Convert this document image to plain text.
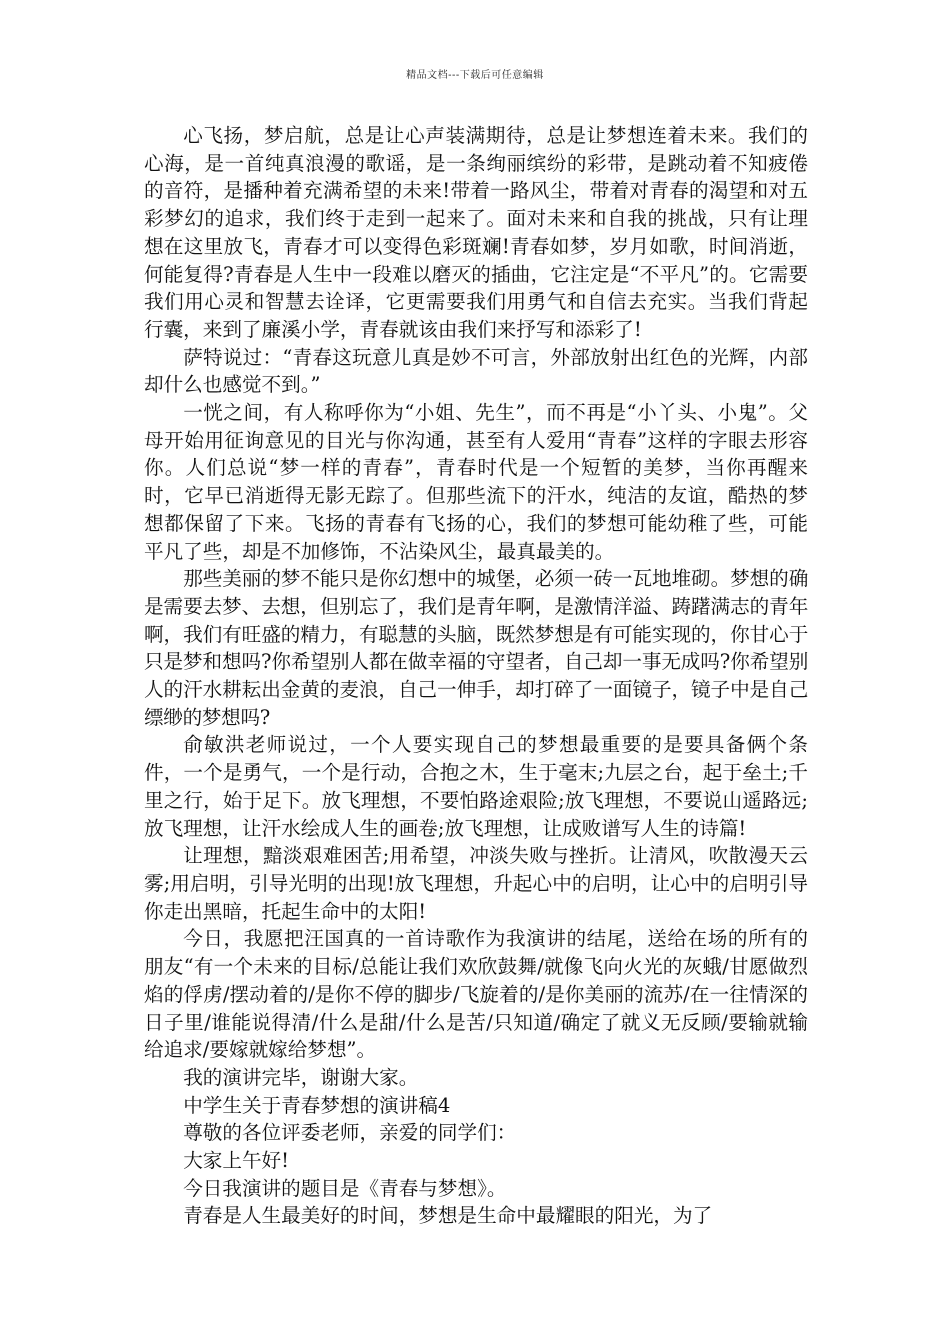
精品文档---下载后可任意编辑

心飞扬，梦启航，总是让心声装满期待，总是让梦想连着未来。我们的心海，是一首纯真浪漫的歌谣，是一条绚丽缤纷的彩带，是跳动着不知疲倦的音符，是播种着充满希望的未来!带着一路风尘，带着对青春的渴望和对五彩梦幻的追求，我们终于走到一起来了。面对未来和自我的挑战，只有让理想在这里放飞，青春才可以变得色彩斑斓!青春如梦，岁月如歌，时间消逝，何能复得?青春是人生中一段难以磨灭的插曲，它注定是“不平凡”的。它需要我们用心灵和智慧去诠译，它更需要我们用勇气和自信去充实。当我们背起行囊，来到了廉溪小学，青春就该由我们来抒写和添彩了!

萨特说过：“青春这玩意儿真是妙不可言，外部放射出红色的光辉，内部却什么也感觉不到。”

一恍之间，有人称呼你为“小姐、先生”，而不再是“小丫头、小鬼”。父母开始用征询意见的目光与你沟通，甚至有人爱用“青春”这样的字眼去形容你。人们总说“梦一样的青春”，青春时代是一个短暂的美梦，当你再醒来时，它早已消逝得无影无踪了。但那些流下的汗水，纯洁的友谊，酷热的梦想都保留了下来。飞扬的青春有飞扬的心，我们的梦想可能幼稚了些，可能平凡了些，却是不加修饰，不沾染风尘，最真最美的。

那些美丽的梦不能只是你幻想中的城堡，必须一砖一瓦地堆砌。梦想的确是需要去梦、去想，但别忘了，我们是青年啊，是激情洋溢、踌躇满志的青年啊，我们有旺盛的精力，有聪慧的头脑，既然梦想是有可能实现的，你甘心于只是梦和想吗?你希望别人都在做幸福的守望者，自己却一事无成吗?你希望别人的汗水耕耘出金黄的麦浪，自己一伸手，却打碎了一面镜子，镜子中是自己缥缈的梦想吗?

俞敏洪老师说过，一个人要实现自己的梦想最重要的是要具备俩个条件，一个是勇气，一个是行动，合抱之木，生于毫末;九层之台，起于垒土;千里之行，始于足下。放飞理想，不要怕路途艰险;放飞理想，不要说山遥路远;放飞理想，让汗水绘成人生的画卷;放飞理想，让成败谱写人生的诗篇!

让理想，黯淡艰难困苦;用希望，冲淡失败与挫折。让清风，吹散漫天云雾;用启明，引导光明的出现!放飞理想，升起心中的启明，让心中的启明引导你走出黑暗，托起生命中的太阳!

今日，我愿把汪国真的一首诗歌作为我演讲的结尾，送给在场的所有的朋友“有一个未来的目标/总能让我们欢欣鼓舞/就像飞向火光的灰蛾/甘愿做烈焰的俘虏/摆动着的/是你不停的脚步/飞旋着的/是你美丽的流苏/在一往情深的日子里/谁能说得清/什么是甜/什么是苦/只知道/确定了就义无反顾/要输就输给追求/要嫁就嫁给梦想”。

我的演讲完毕，谢谢大家。

中学生关于青春梦想的演讲稿4

尊敬的各位评委老师，亲爱的同学们：

大家上午好!

今日我演讲的题目是《青春与梦想》。

青春是人生最美好的时间，梦想是生命中最耀眼的阳光，为了
